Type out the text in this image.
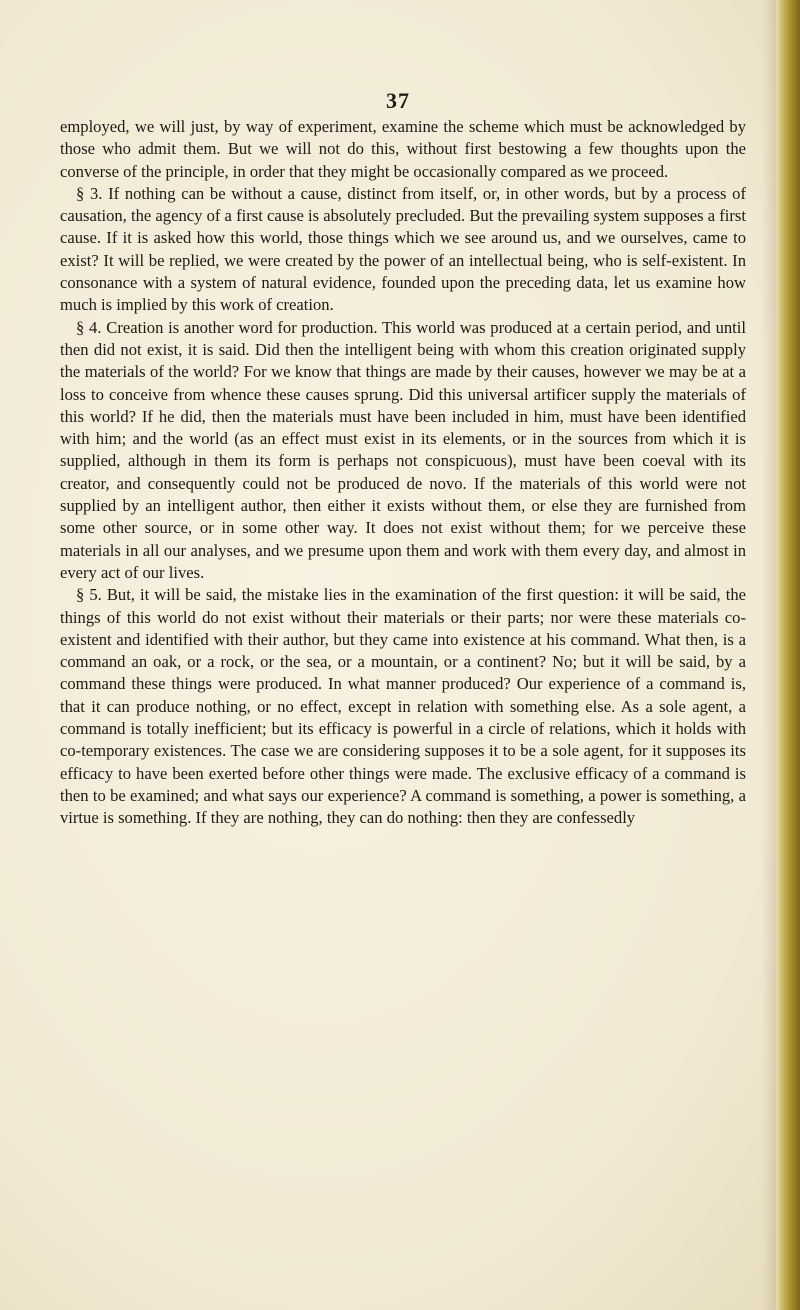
37

employed, we will just, by way of experiment, examine the scheme which must be acknowledged by those who admit them. But we will not do this, without first bestowing a few thoughts upon the converse of the principle, in order that they might be occasionally compared as we proceed.

§ 3. If nothing can be without a cause, distinct from itself, or, in other words, but by a process of causation, the agency of a first cause is absolutely precluded. But the prevailing system supposes a first cause. If it is asked how this world, those things which we see around us, and we ourselves, came to exist? It will be replied, we were created by the power of an intellectual being, who is self-existent. In consonance with a system of natural evidence, founded upon the preceding data, let us examine how much is implied by this work of creation.

§ 4. Creation is another word for production. This world was produced at a certain period, and until then did not exist, it is said. Did then the intelligent being with whom this creation originated supply the materials of the world? For we know that things are made by their causes, however we may be at a loss to conceive from whence these causes sprung. Did this universal artificer supply the materials of this world? If he did, then the materials must have been included in him, must have been identified with him; and the world (as an effect must exist in its elements, or in the sources from which it is supplied, although in them its form is perhaps not conspicuous), must have been coeval with its creator, and consequently could not be produced de novo. If the materials of this world were not supplied by an intelligent author, then either it exists without them, or else they are furnished from some other source, or in some other way. It does not exist without them; for we perceive these materials in all our analyses, and we presume upon them and work with them every day, and almost in every act of our lives.

§ 5. But, it will be said, the mistake lies in the examination of the first question: it will be said, the things of this world do not exist without their materials or their parts; nor were these materials co-existent and identified with their author, but they came into existence at his command. What then, is a command an oak, or a rock, or the sea, or a mountain, or a continent? No; but it will be said, by a command these things were produced. In what manner produced? Our experience of a command is, that it can produce nothing, or no effect, except in relation with something else. As a sole agent, a command is totally inefficient; but its efficacy is powerful in a circle of relations, which it holds with co-temporary existences. The case we are considering supposes it to be a sole agent, for it supposes its efficacy to have been exerted before other things were made. The exclusive efficacy of a command is then to be examined; and what says our experience? A command is something, a power is something, a virtue is something. If they are nothing, they can do nothing: then they are confessedly
